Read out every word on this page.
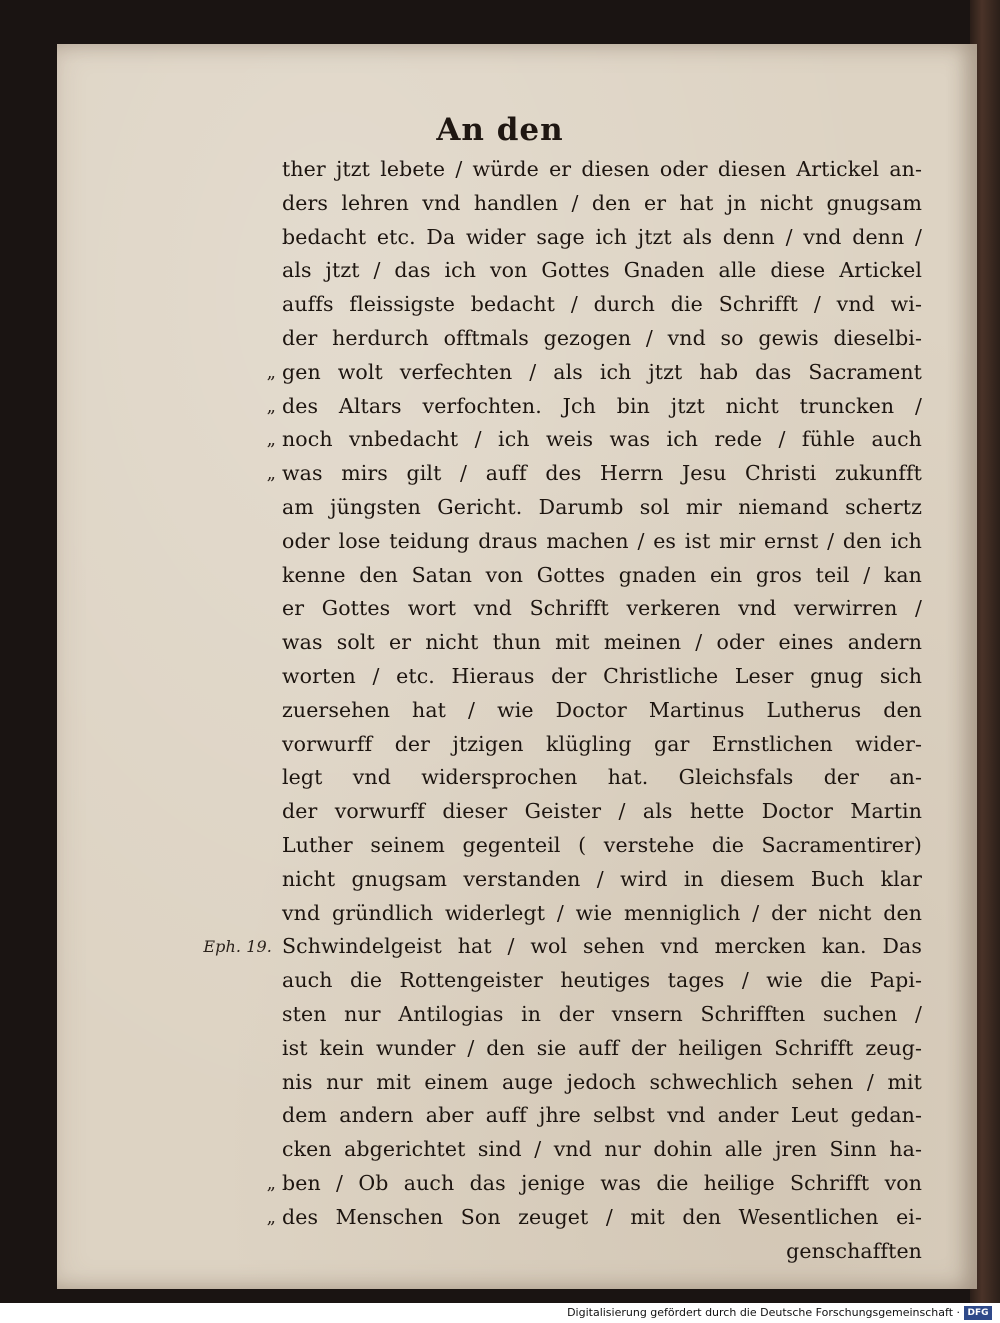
An den
ther jtzt lebete / würde er diesen oder diesen Artickel an-
ders lehren vnd handlen / den er hat jn nicht gnugsam
bedacht etc. Da wider sage ich jtzt als denn / vnd denn /
als jtzt / das ich von Gottes Gnaden alle diese Artickel
auffs fleissigste bedacht / durch die Schrifft / vnd wi-
der herdurch offtmals gezogen / vnd so gewis dieselbi-
„ gen wolt verfechten / als ich jtzt hab das Sacrament
„ des Altars verfochten. Jch bin jtzt nicht truncken /
„ noch vnbedacht / ich weis was ich rede / fühle auch
„ was mirs gilt / auff des Herrn Jesu Christi zukunfft
am jüngsten Gericht. Darumb sol mir niemand schertz
oder lose teidung draus machen / es ist mir ernst / den ich
kenne den Satan von Gottes gnaden ein gros teil / kan
er Gottes wort vnd Schrifft verkeren vnd verwirren /
was solt er nicht thun mit meinen / oder eines andern
worten / etc. Hieraus der Christliche Leser gnug sich
zuersehen hat / wie Doctor Martinus Lutherus den
vorwurff der jtzigen klügling gar Ernstlichen wider-
legt vnd widersprochen hat. Gleichsfals der an-
der vorwurff dieser Geister / als hette Doctor Martin
Luther seinem gegenteil ( verstehe die Sacramentirer)
nicht gnugsam verstanden / wird in diesem Buch klar
vnd gründlich widerlegt / wie menniglich / der nicht den
Eph. 19. Schwindelgeist hat / wol sehen vnd mercken kan. Das
auch die Rottengeister heutiges tages / wie die Papi-
sten nur Antilogias in der vnsern Schrifften suchen /
ist kein wunder / den sie auff der heiligen Schrifft zeug-
nis nur mit einem auge jedoch schwechlich sehen / mit
dem andern aber auff jhre selbst vnd ander Leut gedan-
cken abgerichtet sind / vnd nur dohin alle jren Sinn ha-
„ ben / Ob auch das jenige was die heilige Schrifft von
„ des Menschen Son zeuget / mit den Wesentlichen ei-
genschafften
Digitalisierung gefördert durch die Deutsche Forschungsgemeinschaft · DFG
